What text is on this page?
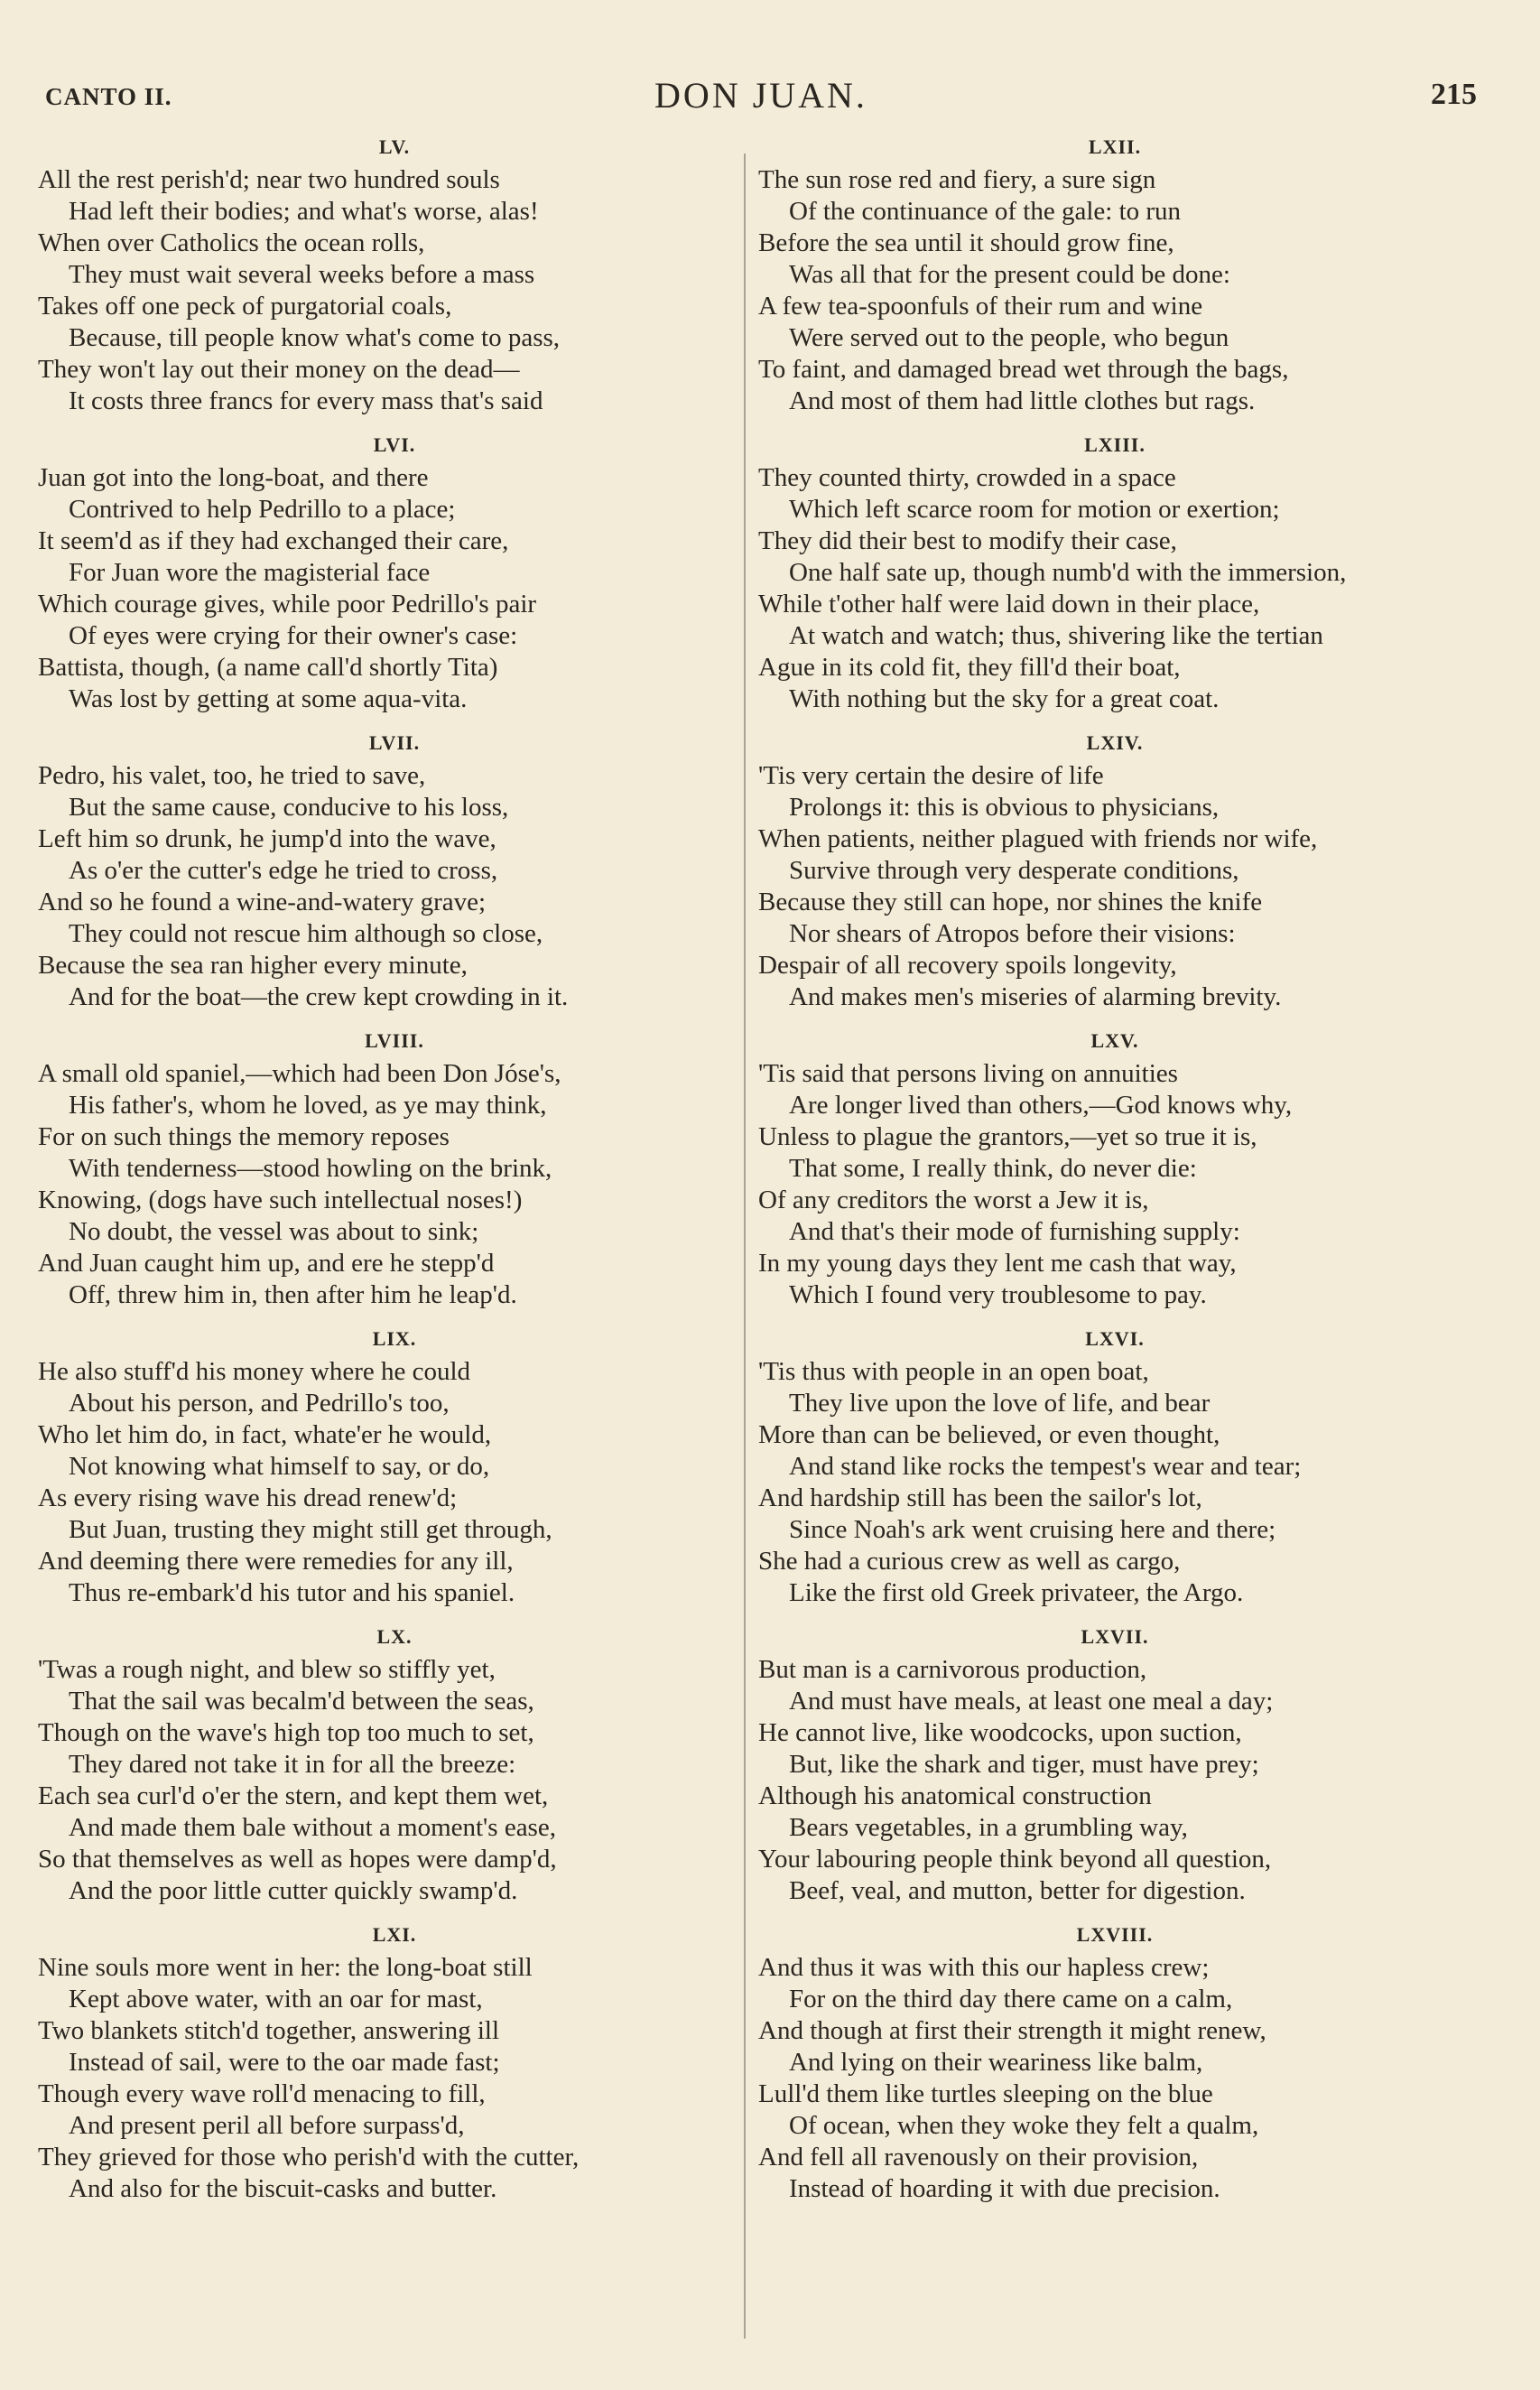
CANTO II.	DON JUAN.	215
LV.
All the rest perish'd; near two hundred souls
Had left their bodies; and what's worse, alas!
When over Catholics the ocean rolls,
They must wait several weeks before a mass
Takes off one peck of purgatorial coals,
Because, till people know what's come to pass,
They won't lay out their money on the dead—
It costs three francs for every mass that's said
LVI.
Juan got into the long-boat, and there
Contrived to help Pedrillo to a place;
It seem'd as if they had exchanged their care,
For Juan wore the magisterial face
Which courage gives, while poor Pedrillo's pair
Of eyes were crying for their owner's case:
Battista, though, (a name call'd shortly Tita)
Was lost by getting at some aqua-vita.
LVII.
Pedro, his valet, too, he tried to save,
But the same cause, conducive to his loss,
Left him so drunk, he jump'd into the wave,
As o'er the cutter's edge he tried to cross,
And so he found a wine-and-watery grave;
They could not rescue him although so close,
Because the sea ran higher every minute,
And for the boat—the crew kept crowding in it.
LVIII.
A small old spaniel,—which had been Don Jóse's,
His father's, whom he loved, as ye may think,
For on such things the memory reposes
With tenderness—stood howling on the brink,
Knowing, (dogs have such intellectual noses!)
No doubt, the vessel was about to sink;
And Juan caught him up, and ere he stepp'd
Off, threw him in, then after him he leap'd.
LIX.
He also stuff'd his money where he could
About his person, and Pedrillo's too,
Who let him do, in fact, whate'er he would,
Not knowing what himself to say, or do,
As every rising wave his dread renew'd;
But Juan, trusting they might still get through,
And deeming there were remedies for any ill,
Thus re-embark'd his tutor and his spaniel.
LX.
'Twas a rough night, and blew so stiffly yet,
That the sail was becalm'd between the seas,
Though on the wave's high top too much to set,
They dared not take it in for all the breeze:
Each sea curl'd o'er the stern, and kept them wet,
And made them bale without a moment's ease,
So that themselves as well as hopes were damp'd,
And the poor little cutter quickly swamp'd.
LXI.
Nine souls more went in her: the long-boat still
Kept above water, with an oar for mast,
Two blankets stitch'd together, answering ill
Instead of sail, were to the oar made fast;
Though every wave roll'd menacing to fill,
And present peril all before surpass'd,
They grieved for those who perish'd with the cutter,
And also for the biscuit-casks and butter.
LXII.
The sun rose red and fiery, a sure sign
Of the continuance of the gale: to run
Before the sea until it should grow fine,
Was all that for the present could be done:
A few tea-spoonfuls of their rum and wine
Were served out to the people, who begun
To faint, and damaged bread wet through the bags,
And most of them had little clothes but rags.
LXIII.
They counted thirty, crowded in a space
Which left scarce room for motion or exertion;
They did their best to modify their case,
One half sate up, though numb'd with the immersion,
While t'other half were laid down in their place,
At watch and watch; thus, shivering like the tertian
Ague in its cold fit, they fill'd their boat,
With nothing but the sky for a great coat.
LXIV.
'Tis very certain the desire of life
Prolongs it: this is obvious to physicians,
When patients, neither plagued with friends nor wife,
Survive through very desperate conditions,
Because they still can hope, nor shines the knife
Nor shears of Atropos before their visions:
Despair of all recovery spoils longevity,
And makes men's miseries of alarming brevity.
LXV.
'Tis said that persons living on annuities
Are longer lived than others,—God knows why,
Unless to plague the grantors,—yet so true it is,
That some, I really think, do never die:
Of any creditors the worst a Jew it is,
And that's their mode of furnishing supply:
In my young days they lent me cash that way,
Which I found very troublesome to pay.
LXVI.
'Tis thus with people in an open boat,
They live upon the love of life, and bear
More than can be believed, or even thought,
And stand like rocks the tempest's wear and tear;
And hardship still has been the sailor's lot,
Since Noah's ark went cruising here and there;
She had a curious crew as well as cargo,
Like the first old Greek privateer, the Argo.
LXVII.
But man is a carnivorous production,
And must have meals, at least one meal a day;
He cannot live, like woodcocks, upon suction,
But, like the shark and tiger, must have prey;
Although his anatomical construction
Bears vegetables, in a grumbling way,
Your labouring people think beyond all question,
Beef, veal, and mutton, better for digestion.
LXVIII.
And thus it was with this our hapless crew;
For on the third day there came on a calm,
And though at first their strength it might renew,
And lying on their weariness like balm,
Lull'd them like turtles sleeping on the blue
Of ocean, when they woke they felt a qualm,
And fell all ravenously on their provision,
Instead of hoarding it with due precision.
